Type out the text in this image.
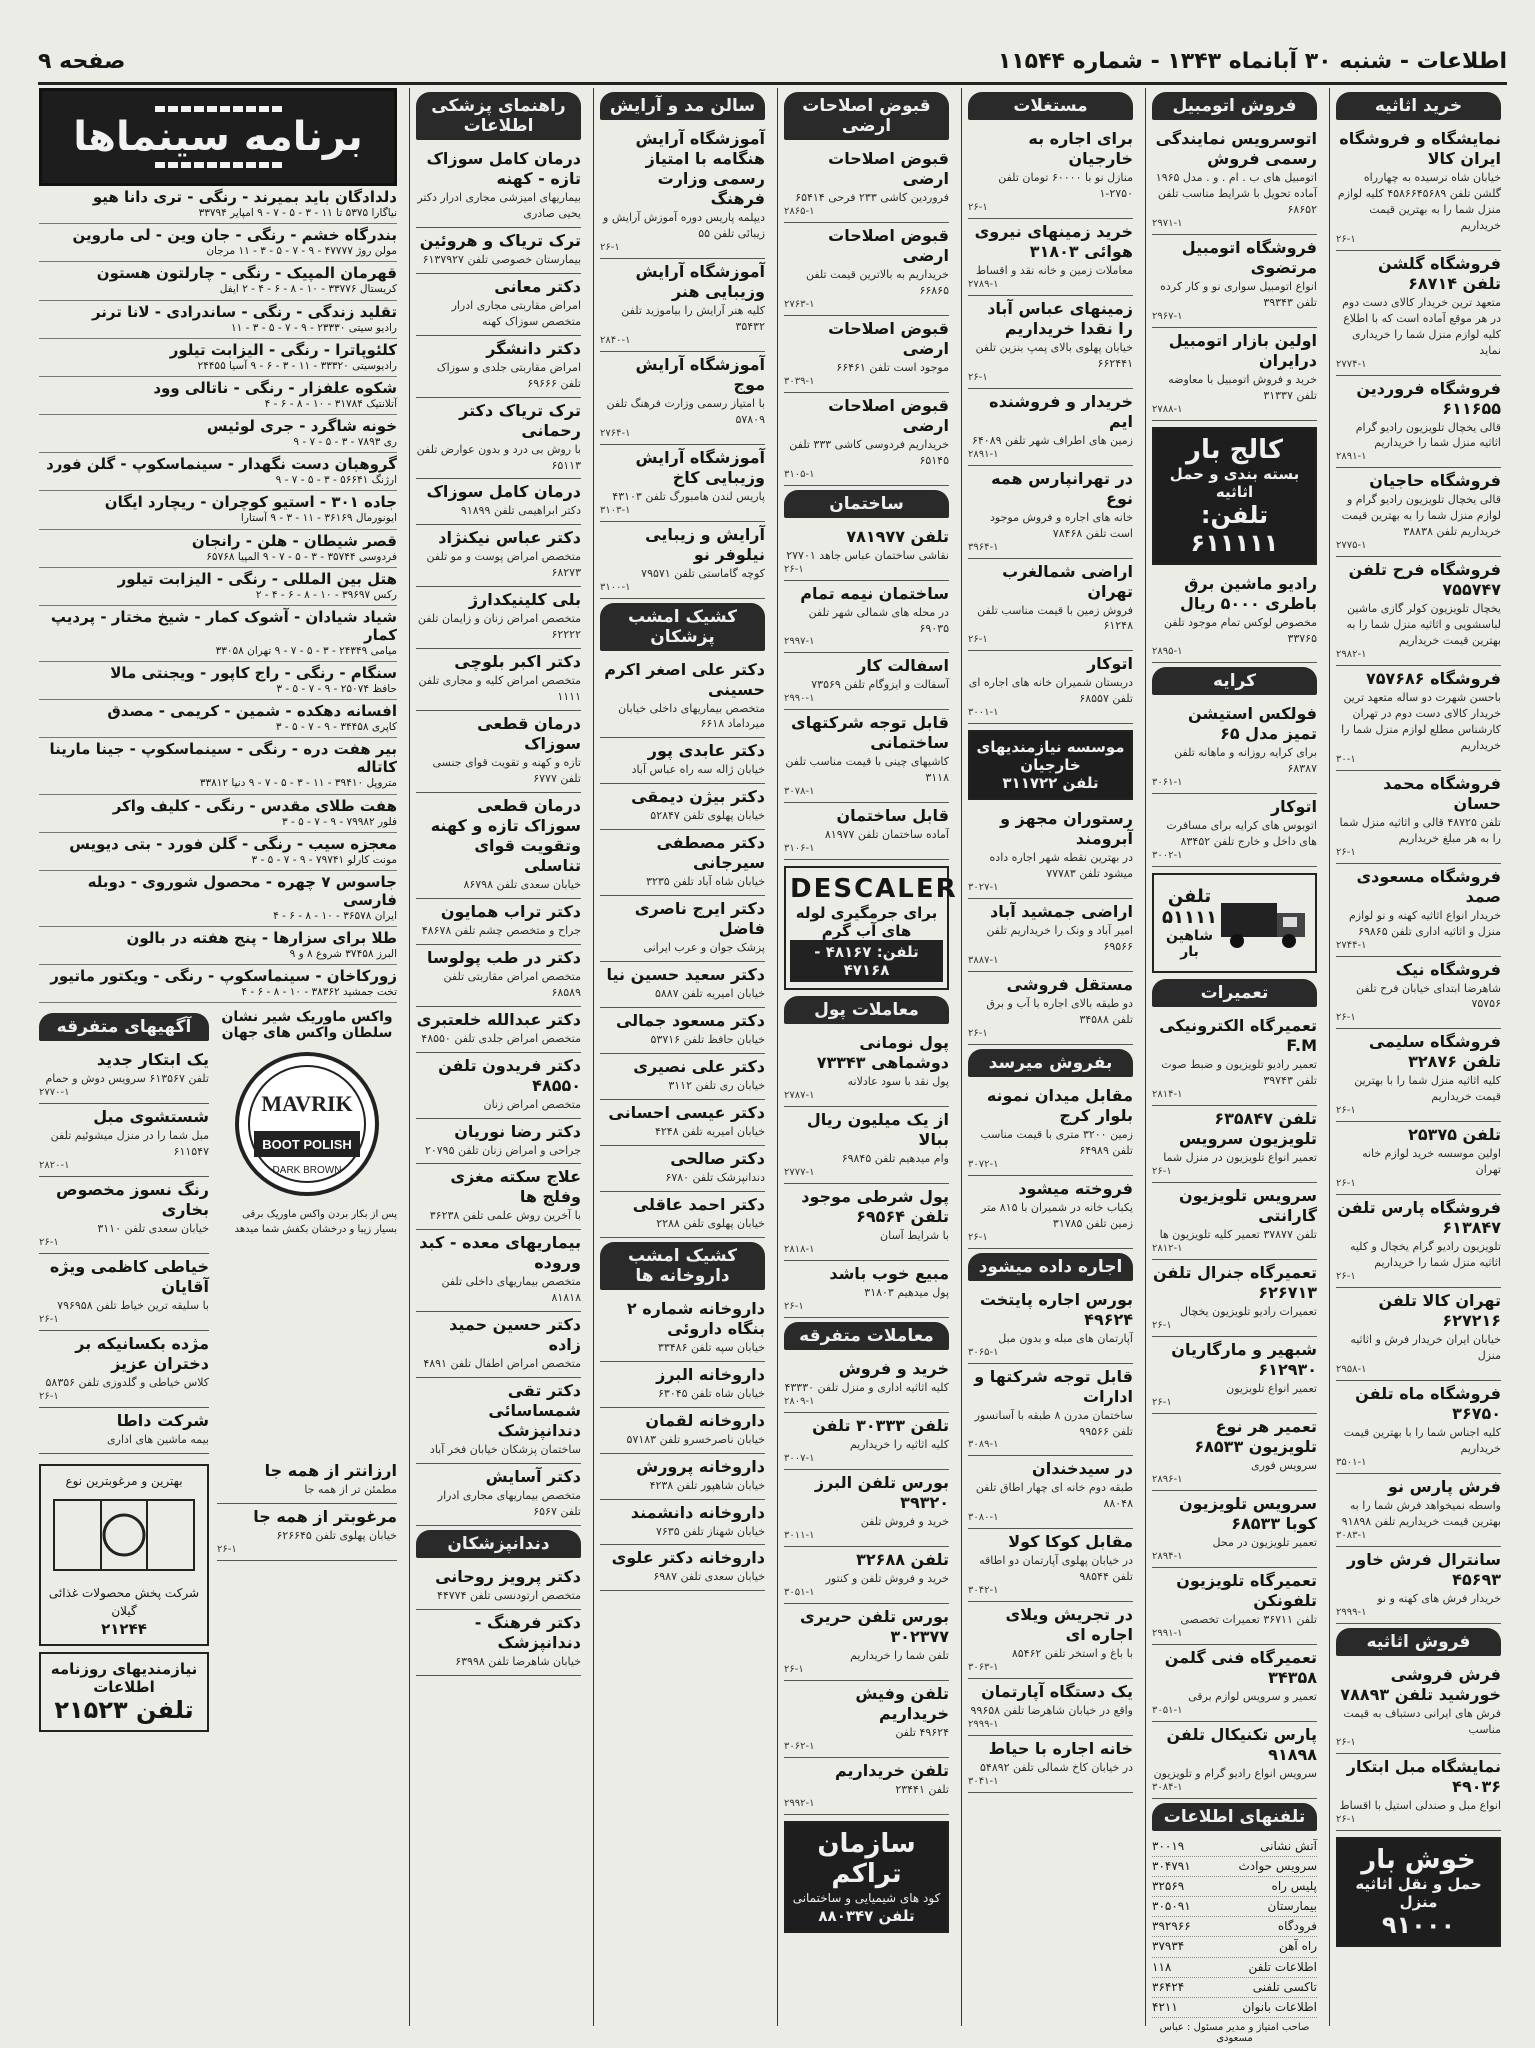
اطلاعات - شنبه ۳۰ آبانماه ۱۳۴۳ - شماره ۱۱۵۴۴
صفحه ۹
خرید اثاثیه
نمایشگاه و فروشگاه ایران کالا

خیابان شاه نرسیده به چهارراه گلشن تلفن ۴۵۸۶۶۴۵۶۸۹ کلیه لوازم منزل شما را به بهترین قیمت خریداریم

۲۶-۱
فروشگاه گلشن تلفن ۶۸۷۱۴

متعهد ترین خریدار کالای دست دوم در هر موقع آماده است که با اطلاع کلیه لوازم منزل شما را خریداری نماید

۲۷۷۴-۱
فروشگاه فروردین ۶۱۱۶۵۵

قالی یخچال تلویزیون رادیو گرام اثاثیه منزل شما را خریداریم

۲۸۹۱-۱
فروشگاه حاجیان

قالی یخچال تلویزیون رادیو گرام و لوازم منزل شما را به بهترین قیمت خریداریم تلفن ۳۸۸۳۸

۲۷۷۵-۱
فروشگاه فرح تلفن ۷۵۵۷۴۷

یخچال تلویزیون کولر گازی ماشین لباسشویی و اثاثیه منزل شما را به بهترین قیمت خریداریم

۲۹۸۲-۱
فروشگاه ۷۵۷۶۸۶

باحسن شهرت دو ساله متعهد ترین خریدار کالای دست دوم در تهران کارشناس مطلع لوازم منزل شما را خریداریم

۳۰-۱
فروشگاه محمد حسان

تلفن ۴۸۷۲۵ قالی و اثاثیه منزل شما را به هر مبلغ خریداریم

۲۶-۱
فروشگاه مسعودی صمد

خریدار انواع اثاثیه کهنه و نو لوازم منزل و اثاثیه اداری تلفن ۶۹۸۶۵

۲۷۴۴-۱
فروشگاه نیک

شاهرضا ابتدای خیابان فرح تلفن ۷۵۷۵۶

۲۶-۱
فروشگاه سلیمی تلفن ۳۲۸۷۶

کلیه اثاثیه منزل شما را با بهترین قیمت خریداریم

۲۶-۱
تلفن ۲۵۳۷۵

اولین موسسه خرید لوازم خانه تهران

۲۶-۱
فروشگاه پارس تلفن ۶۱۳۸۴۷

تلویزیون رادیو گرام یخچال و کلیه اثاثیه منزل شما را خریداریم

۲۶-۱
تهران کالا تلفن ۶۲۷۲۱۶

خیابان ایران خریدار فرش و اثاثیه منزل

۲۹۵۸-۱
فروشگاه ماه تلفن ۳۶۷۵۰

کلیه اجناس شما را با بهترین قیمت خریداریم

۳۵۰۱-۱
فرش پارس نو

واسطه نمیخواهد فرش شما را به بهترین قیمت خریداریم تلفن ۹۱۸۹۸

۳۰۸۳-۱
سانترال فرش خاور ۴۵۶۹۳

خریدار فرش های کهنه و نو

۲۹۹۹-۱
فروش اثاثیه
فرش فروشی خورشید تلفن ۷۸۸۹۳

فرش های ایرانی دستباف به قیمت مناسب

۲۶-۱
نمایشگاه مبل ابتکار ۴۹۰۳۶

انواع مبل و صندلی استیل با اقساط

۲۶-۱
خوش بار
حمل و نقل اثاثیه منزل
۹۱۰۰۰
فروش اتومبیل
اتوسرویس نمایندگی رسمی فروش

اتومبیل های ب . ام . و . مدل ۱۹۶۵ آماده تحویل با شرایط مناسب تلفن ۶۸۶۵۲

۲۹۷۱-۱
فروشگاه اتومبیل مرتضوی

انواع اتومبیل سواری نو و کار کرده تلفن ۳۹۳۴۳

۲۹۶۷-۱
اولین بازار اتومبیل درایران

خرید و فروش اتومبیل با معاوضه تلفن ۳۱۳۳۷

۲۷۸۸-۱
کالج بار
بسته بندی و حمل اثاثیه
تلفن: ۶۱۱۱۱۱
رادیو ماشین برق باطری ۵۰۰۰ ریال

مخصوص لوکس تمام موجود تلفن ۳۳۷۶۵

۲۸۹۵-۱
کرایه
فولکس استیشن تمیز مدل ۶۵

برای کرایه روزانه و ماهانه تلفن ۶۸۳۸۷

۳۰۶۱-۱
اتوکار

اتوبوس های کرایه برای مسافرت های داخل و خارج تلفن ۸۳۴۵۲

۳۰۰۲-۱
تلفن ۵۱۱۱۱
شاهین بار
تعمیرات
تعمیرگاه الکترونیکی F.M

تعمیر رادیو تلویزیون و ضبط صوت تلفن ۳۹۷۴۳

۲۸۱۴-۱
تلفن ۶۳۵۸۴۷ تلویزیون سرویس

تعمیر انواع تلویزیون در منزل شما

۲۶-۱
سرویس تلویزیون گارانتی

تلفن ۳۷۸۷۷ تعمیر کلیه تلویزیون ها

۲۸۱۲-۱
تعمیرگاه جنرال تلفن ۶۲۶۷۱۳

تعمیرات رادیو تلویزیون یخچال

۲۶-۱
شبهیر و مارگاریان ۶۱۲۹۳۰

تعمیر انواع تلویزیون

۲۶-۱
تعمیر هر نوع تلویزیون ۶۸۵۳۳

سرویس فوری

۲۸۹۶-۱
سرویس تلویزیون کوبا ۶۸۵۳۳

تعمیر تلویزیون در محل

۲۸۹۴-۱
تعمیرگاه تلویزیون تلفونکن

تلفن ۳۶۷۱۱ تعمیرات تخصصی

۲۹۹۱-۱
تعمیرگاه فنی گلمن ۳۴۳۵۸

تعمیر و سرویس لوازم برقی

۳۰۵۱-۱
پارس تکنیکال تلفن ۹۱۸۹۸

سرویس انواع رادیو گرام و تلویزیون

۳۰۸۴-۱
تلفنهای اطلاعات
آتش نشانی
۳۰۰۱۹
سرویس حوادث
۳۰۴۷۹۱
پلیس راه
۳۲۵۶۹
بیمارستان
۳۰۵۰۹۱
فرودگاه
۳۹۲۹۶۶
راه آهن
۳۷۹۳۴
اطلاعات تلفن
۱۱۸
تاکسی تلفنی
۳۶۴۲۴
اطلاعات بانوان
۴۲۱۱
صاحب امتیاز و مدیر مسئول : عباس مسعودی
مستغلات
برای اجاره به خارجیان

منازل نو با ۶۰۰۰۰ تومان تلفن ۲۷۵۰-۱

۲۶-۱
خرید زمینهای نیروی هوائی ۳۱۸۰۳

معاملات زمین و خانه نقد و اقساط

۲۷۸۹-۱
زمینهای عباس آباد را نقدا خریداریم

خیابان پهلوی بالای پمپ بنزین تلفن ۶۶۲۴۴۱

۲۶-۱
خریدار و فروشنده ایم

زمین های اطراف شهر تلفن ۶۴۰۸۹

۲۸۹۱-۱
در تهرانپارس همه نوع

خانه های اجاره و فروش موجود است تلفن ۷۸۴۶۸

۳۹۶۴-۱
اراضی شمالغرب تهران

فروش زمین با قیمت مناسب تلفن ۶۱۲۴۸

۲۶-۱
اتوکار

دربستان شمیران خانه های اجاره ای تلفن ۶۸۵۵۷

۳۰۰۱-۱
موسسه نیازمندیهای خارجیان
تلفن ۳۱۱۷۲۲
رستوران مجهز و آبرومند

در بهترین نقطه شهر اجاره داده میشود تلفن ۷۷۷۸۳

۳۰۲۷-۱
اراضی جمشید آباد

امیر آباد و ونک را خریداریم تلفن ۶۹۵۶۶

۳۸۸۷-۱
مستقل فروشی

دو طبقه بالای اجاره با آب و برق تلفن ۳۴۵۸۸

۲۶-۱
بفروش میرسد
مقابل میدان نمونه بلوار کرج

زمین ۳۲۰۰ متری با قیمت مناسب تلفن ۶۴۹۸۹

۳۰۷۲-۱
فروخته میشود

یکباب خانه در شمیران با ۸۱۵ متر زمین تلفن ۳۱۷۸۵

۲۶-۱
اجاره داده میشود
بورس اجاره پایتخت ۴۹۶۲۴

آپارتمان های مبله و بدون مبل

۳۰۶۵-۱
قابل توجه شرکتها و ادارات

ساختمان مدرن ۸ طبقه با آسانسور تلفن ۹۹۵۶۶

۳۰۸۹-۱
در سیدخندان

طبقه دوم خانه ای چهار اطاق تلفن ۸۸۰۴۸

۳۰۸۰-۱
مقابل کوکا کولا

در خیابان پهلوی آپارتمان دو اطاقه تلفن ۹۸۵۴۴

۳۰۴۲-۱
در تجریش ویلای اجاره ای

با باغ و استخر تلفن ۸۵۴۶۲

۳۰۶۳-۱
یک دستگاه آپارتمان

واقع در خیابان شاهرضا تلفن ۹۹۶۵۸

۲۹۹۹-۱
خانه اجاره با حیاط

در خیابان کاخ شمالی تلفن ۵۴۸۹۲

۳۰۴۱-۱
قبوض اصلاحات ارضی
قبوض اصلاحات ارضی

فروردین کاشی ۲۳۳ فرحی ۶۵۴۱۴

۲۸۶۵-۱
قبوض اصلاحات ارضی

خریداریم به بالاترین قیمت تلفن ۶۶۸۶۵

۲۷۶۳-۱
قبوض اصلاحات ارضی

موجود است تلفن ۶۶۴۶۱

۳۰۳۹-۱
قبوض اصلاحات ارضی

خریداریم فردوسی کاشی ۳۳۳ تلفن ۶۵۱۴۵

۳۱۰۵-۱
ساختمان
تلفن ۷۸۱۹۷۷

نقاشی ساختمان عباس جاهد ۲۷۷۰۱

۲۶-۱
ساختمان نیمه تمام

در محله های شمالی شهر تلفن ۶۹۰۳۵

۲۹۹۷-۱
اسفالت کار

آسفالت و ایزوگام تلفن ۷۳۵۶۹

۲۹۹۰-۱
قابل توجه شرکتهای ساختمانی

کاشیهای چینی با قیمت مناسب تلفن ۳۱۱۸

۳۰۷۸-۱
قابل ساختمان

آماده ساختمان تلفن ۸۱۹۷۷

۳۱۰۶-۱
DESCALER
برای جرمگیری لوله های آب گرم
تلفن: ۴۸۱۶۷ - ۴۷۱۶۸
معاملات پول
پول نومانی دوشماهی ۷۳۳۴۳

پول نقد با سود عادلانه

۲۷۸۷-۱
از یک میلیون ریال ببالا

وام میدهیم تلفن ۶۹۸۴۵

۲۷۷۷-۱
پول شرطی موجود تلفن ۶۹۵۶۴

با شرایط آسان

۲۸۱۸-۱
مبیع خوب باشد

پول میدهیم ۳۱۸۰۳

۲۶-۱
معاملات متفرقه
خرید و فروش

کلیه اثاثیه اداری و منزل تلفن ۴۳۳۳۰

۲۸۰۹-۱
تلفن ۳۰۳۳۳ تلفن

کلیه اثاثیه را خریداریم

۳۰۰۷-۱
بورس تلفن البرز ۳۹۳۲۰

خرید و فروش تلفن

۳۰۱۱-۱
تلفن ۳۲۶۸۸

خرید و فروش تلفن و کنتور

۳۰۵۱-۱
بورس تلفن حریری ۳۰۲۳۷۷

تلفن شما را خریداریم

۲۶-۱
تلفن وفیش خریداریم

۴۹۶۲۴ تلفن

۳۰۶۲-۱
تلفن خریداریم

تلفن ۲۳۴۴۱

۲۹۹۲-۱
سازمان تراکم
کود های شیمیایی و ساختمانی
تلفن ۸۸۰۳۴۷
سالن مد و آرایش
آموزشگاه آرایش هنگامه با امتیاز رسمی وزارت فرهنگ

دیپلمه پاریس دوره آموزش آرایش و زیبائی تلفن ۵۵

۲۶-۱
آموزشگاه آرایش وزیبایی هنر

کلیه هنر آرایش را بیاموزید تلفن ۳۵۴۳۲

۲۸۴۰-۱
آموزشگاه آرایش موج

با امتیاز رسمی وزارت فرهنگ تلفن ۵۷۸۰۹

۲۷۶۴-۱
آموزشگاه آرایش وزیبایی کاخ

پاریس لندن هامبورگ تلفن ۴۳۱۰۳

۳۱۰۳-۱
آرایش و زیبایی نیلوفر نو

کوچه گاماستی تلفن ۷۹۵۷۱

۳۱۰۰-۱
کشیک امشب پزشکان
دکتر علی اصغر اکرم حسینی

متخصص بیماریهای داخلی خیابان میرداماد ۶۶۱۸

دکتر عابدی پور

خیابان ژاله سه راه عباس آباد

دکتر بیژن دیمقی

خیابان پهلوی تلفن ۵۲۸۴۷

دکتر مصطفی سیرجانی

خیابان شاه آباد تلفن ۳۲۳۵

دکتر ایرج ناصری فاضل

پزشک جوان و عرب ایرانی

دکتر سعید حسین نیا

خیابان امیریه تلفن ۵۸۸۷

دکتر مسعود جمالی

خیابان حافظ تلفن ۵۳۷۱۶

دکتر علی نصیری

خیابان ری تلفن ۳۱۱۲

دکتر عیسی احسانی

خیابان امیریه تلفن ۴۲۴۸

دکتر صالحی

دندانپزشک تلفن ۶۷۸۰

دکتر احمد عاقلی

خیابان پهلوی تلفن ۲۲۸۸

کشیک امشب داروخانه ها
داروخانه شماره ۲ بنگاه داروئی

خیابان سپه تلفن ۳۳۴۸۶

داروخانه البرز

خیابان شاه تلفن ۶۳۰۴۵

داروخانه لقمان

خیابان ناصرخسرو تلفن ۵۷۱۸۳

داروخانه پرورش

خیابان شاهپور تلفن ۴۲۳۸

داروخانه دانشمند

خیابان شهناز تلفن ۷۶۳۵

داروخانه دکتر علوی

خیابان سعدی تلفن ۶۹۸۷

راهنمای پزشکی اطلاعات
درمان کامل سوزاک تازه - کهنه

بیماریهای امیزشی مجاری ادرار دکتر یحیی صادری

ترک تریاک و هروئین

بیمارستان خصوصی تلفن ۶۱۳۷۹۲۷

دکتر معانی

امراض مقاربتی مجاری ادرار متخصص سوزاک کهنه

دکتر دانشگر

امراض مقاربتی جلدی و سوزاک تلفن ۶۹۶۶۶

ترک تریاک دکتر رحمانی

با روش بی درد و بدون عوارض تلفن ۶۵۱۱۳

درمان کامل سوزاک

دکتر ابراهیمی تلفن ۹۱۸۹۹

دکتر عباس نیکنژاد

متخصص امراض پوست و مو تلفن ۶۸۲۷۳

بلی کلینیکدارژ

متخصص امراض زنان و زایمان تلفن ۶۲۲۲۲

دکتر اکبر بلوچی

متخصص امراض کلیه و مجاری تلفن ۱۱۱۱

درمان قطعی سوزاک

تازه و کهنه و تقویت قوای جنسی تلفن ۶۷۷۷

درمان قطعی سوزاک تازه و کهنه وتقویت قوای تناسلی

خیابان سعدی تلفن ۸۶۷۹۸

دکتر تراب همایون

جراح و متخصص چشم تلفن ۴۸۶۷۸

دکتر در طب پولوسا

متخصص امراض مقاربتی تلفن ۶۸۵۸۹

دکتر عبدالله خلعتبری

متخصص امراض جلدی تلفن ۴۸۵۵۰

دکتر فریدون تلفن ۴۸۵۵۰

متخصص امراض زنان

دکتر رضا نوریان

جراحی و امراض زنان تلفن ۲۰۷۹۵

علاج سکته مغزی وفلج ها

با آخرین روش علمی تلفن ۳۶۲۳۸

بیماریهای معده - کبد وروده

متخصص بیماریهای داخلی تلفن ۸۱۸۱۸

دکتر حسین حمید زاده

متخصص امراض اطفال تلفن ۴۸۹۱

دکتر تقی شمساسائی دندانپزشک

ساختمان پزشکان خیابان فخر آباد

دکتر آسایش

متخصص بیماریهای مجاری ادرار تلفن ۶۵۶۷

دندانپزشکان
دکتر پرویز روحانی

متخصص ارتودنسی تلفن ۴۴۷۷۴

دکتر فرهنگ - دندانپزشک

خیابان شاهرضا تلفن ۶۳۹۹۸

برنامه سینماها
دلدادگان باید بمیرند - رنگی - تری دانا هیو

نیاگارا ۵۳۷۵ تا ۱۱ - ۳ - ۵ - ۷ - ۹ امپایر ۳۳۷۹۴

بندرگاه خشم - رنگی - جان وین - لی ماروین

مولن روژ ۴۷۷۷۷ - ۹ - ۷ - ۵ - ۳ - ۱۱ مرجان

قهرمان المپیک - رنگی - چارلتون هستون

کریستال ۳۳۷۷۶ - ۱۰ - ۸ - ۶ - ۴ - ۲ ایفل

تقلید زندگی - رنگی - ساندرادی - لانا ترنر

رادیو سیتی ۲۳۳۳۰ - ۹ - ۷ - ۵ - ۳ - ۱۱

کلئوپاترا - رنگی - الیزابت تیلور

رادیوسیتی ۳۳۳۲۰ - ۱۱ - ۳ - ۶ - ۹ آسیا ۲۴۴۵۵

شکوه علفزار - رنگی - ناتالی وود

آتلانتیک ۳۱۷۸۴ - ۱۰ - ۸ - ۶ - ۴

خونه شاگرد - جری لوئیس

ری ۷۸۹۳ - ۳ - ۵ - ۷ - ۹

گروهبان دست نگهدار - سینماسکوپ - گلن فورد

ارژنگ ۵۶۶۴۱ - ۳ - ۵ - ۷ - ۹

جاده ۳۰۱ - استیو کوچران - ریچارد ایگان

ایونورمال ۳۶۱۶۹ - ۱۱ - ۳ - ۹ آستارا

قصر شیطان - هلن - رانجان

فردوسی ۳۵۷۴۴ - ۳ - ۵ - ۷ - ۹ المپیا ۶۵۷۶۸

هتل بین المللی - رنگی - الیزابت تیلور

رکس ۳۹۶۹۷ - ۱۰ - ۸ - ۶ - ۴ - ۲

شیاد شیادان - آشوک کمار - شیخ مختار - پردیپ کمار

میامی ۲۴۳۴۹ - ۳ - ۵ - ۷ - ۹ تهران ۳۳۰۵۸

سنگام - رنگی - راج کاپور - ویجنتی مالا

حافظ ۲۵۰۷۴ - ۹ - ۷ - ۵ - ۳

افسانه دهکده - شمین - کریمی - مصدق

کاپری ۳۴۴۵۸ - ۹ - ۷ - ۵ - ۳

بیر هفت دره - رنگی - سینماسکوپ - جینا مارینا کاتاله

متروپل ۳۹۴۱۰ - ۱۱ - ۳ - ۵ - ۷ - ۹ دنیا ۳۳۸۱۲

هفت طلای مقدس - رنگی - کلیف واکر

فلور ۷۹۹۸۲ - ۹ - ۷ - ۵ - ۳

معجزه سیب - رنگی - گلن فورد - بتی دیویس

مونت کارلو ۷۹۷۴۱ - ۹ - ۷ - ۵ - ۳

جاسوس ۷ چهره - محصول شوروی - دوبله فارسی

ایران ۳۶۵۷۸ - ۱۰ - ۸ - ۶ - ۴

طلا برای سزارها - پنج هفته در بالون

البرز ۳۷۴۵۸ شروع ۸ و ۹

زورکاخان - سینماسکوپ - رنگی - ویکتور ماتیور

تخت جمشید ۳۸۳۶۲ - ۱۰ - ۸ - ۶ - ۴

واکس ماوریک شیر نشان
سلطان واکس های جهان
MAVRIK
BOOT POLISH
DARK BROWN
پس از بکار بردن واکس ماوریک برقی بسیار زیبا و درخشان بکفش شما میدهد
آگهیهای متفرقه
یک ابتکار جدید

تلفن ۶۱۳۵۶۷ سرویس دوش و حمام

۲۷۷۰-۱
شستشوی مبل

مبل شما را در منزل میشوئیم تلفن ۶۱۱۵۴۷

۲۸۲۰-۱
رنگ نسوز مخصوص بخاری

خیابان سعدی تلفن ۳۱۱۰

۲۶-۱
خیاطی کاظمی ویژه آقایان

با سلیقه ترین خیاط تلفن ۷۹۶۹۵۸

۲۶-۱
مژده بکسانیکه بر دختران عزیز

کلاس خیاطی و گلدوزی تلفن ۵۸۳۵۶

۲۶-۱
شرکت داطا

بیمه ماشین های اداری

ارزانتر از همه جا

مطمئن تر از همه جا

مرغوبتر از همه جا

خیابان پهلوی تلفن ۶۲۶۶۴۵

۲۶-۱
بهترین و مرغوبترین نوع
شرکت پخش محصولات غذائی گیلان
۲۱۲۴۴
نیازمندیهای روزنامه اطلاعات
تلفن ۲۱۵۲۳
